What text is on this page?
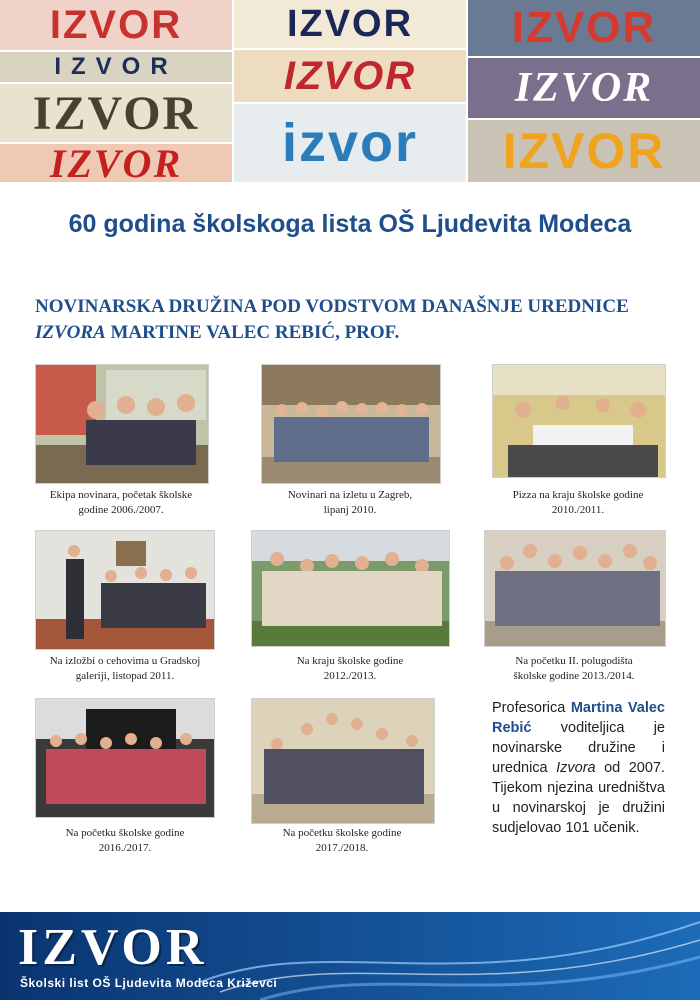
IZVOR
IZVOR
IZVOR
IZVOR
IZVOR
IZVOR
izvor
IZVOR
IZVOR
IZVOR
60 godina školskoga lista OŠ Ljudevita Modeca
NOVINARSKA DRUŽINA POD VODSTVOM DANAŠNJE UREDNICE IZVORA MARTINE VALEC REBIĆ, PROF.
Ekipa novinara, početak školske
godine 2006./2007.
Novinari na izletu u Zagreb,
lipanj 2010.
Pizza na kraju školske godine
2010./2011.
Na izložbi o cehovima u Gradskoj
galeriji, listopad 2011.
Na kraju školske godine
2012./2013.
Na početku II. polugodišta
školske godine 2013./2014.
Na početku školske godine
2016./2017.
Na početku školske godine
2017./2018.
Profesorica Martina Valec Rebić voditeljica je novinarske družine i urednica Izvora od 2007. Tijekom njezina uredništva u novinarskoj je družini sudjelovao 101 učenik.
IZVOR
Školski list OŠ Ljudevita Modeca Križevci
